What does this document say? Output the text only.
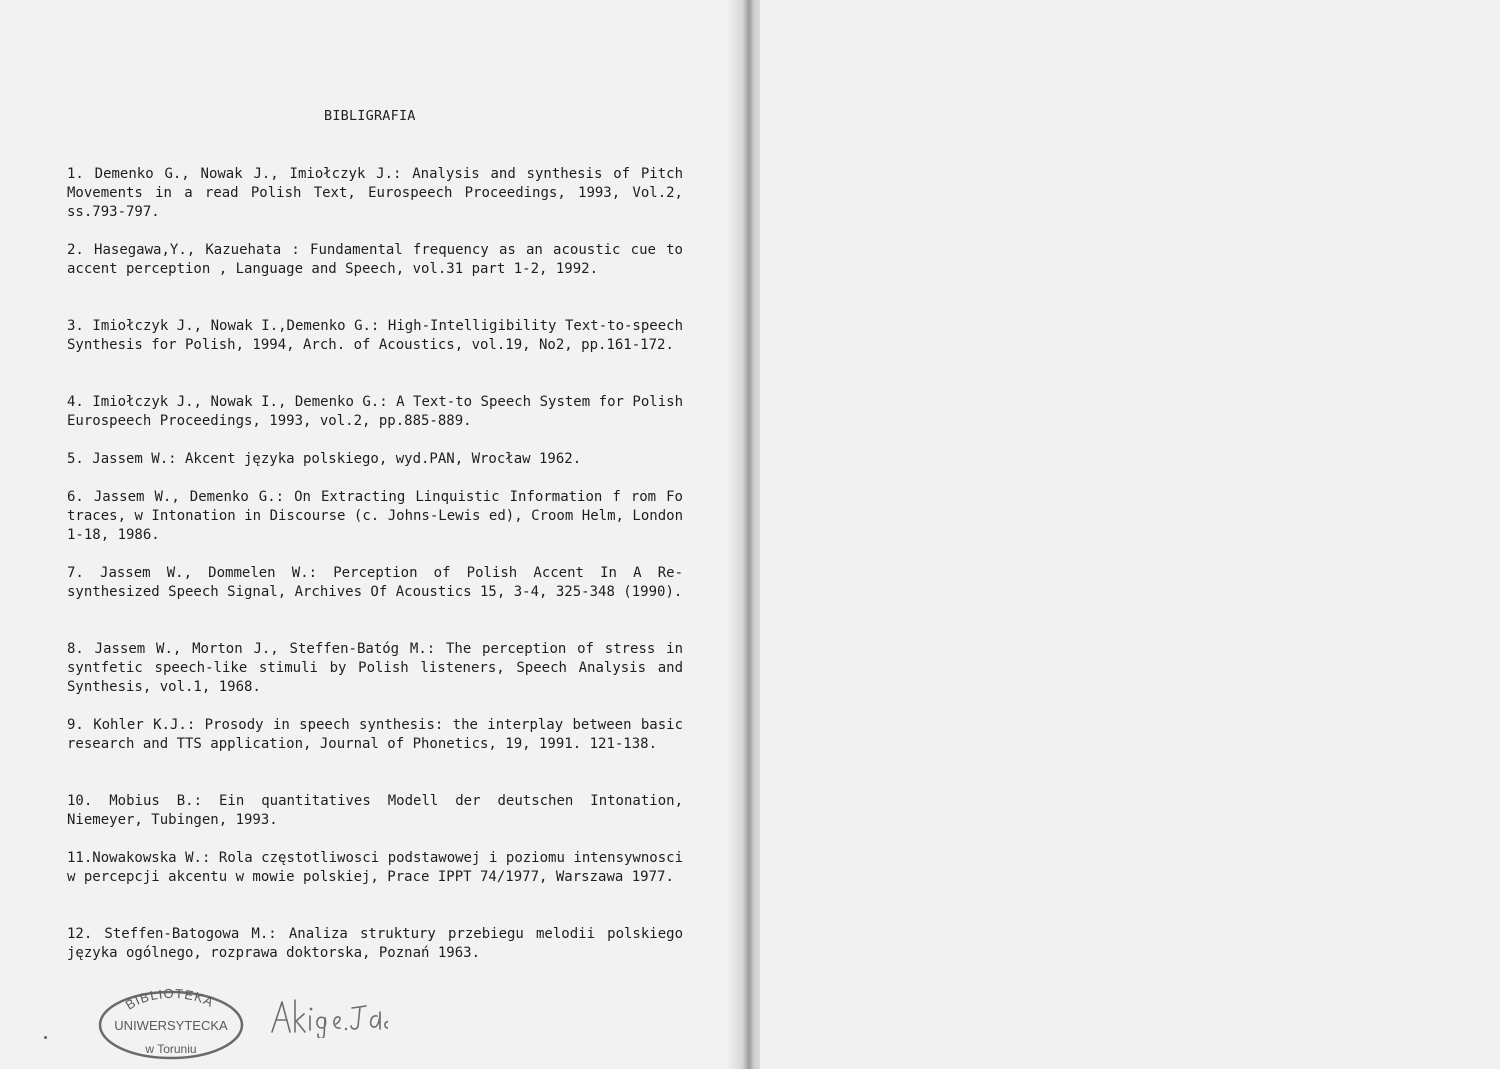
BIBLIGRAFIA

1. Demenko G., Nowak J., Imiołczyk J.: Analysis and synthesis of Pitch Movements in a read Polish Text, Eurospeech Proceedings, 1993, Vol.2, ss.793-797.

2. Hasegawa,Y., Kazuehata : Fundamental frequency as an acoustic cue to accent perception , Language and Speech, vol.31 part 1-2, 1992.

3. Imiołczyk J., Nowak I.,Demenko G.: High-Intelligibility Text-to-speech Synthesis for Polish, 1994, Arch. of Acoustics, vol.19, No2, pp.161-172.

4. Imiołczyk J., Nowak I., Demenko G.: A Text-to Speech System for Polish Eurospeech Proceedings, 1993, vol.2, pp.885-889.

5. Jassem W.: Akcent języka polskiego, wyd.PAN, Wrocław 1962.

6. Jassem W., Demenko G.: On Extracting Linquistic Information f rom Fo traces, w Intonation in Discourse (c. Johns-Lewis ed), Croom Helm, London 1-18, 1986.

7. Jassem W., Dommelen W.: Perception of Polish Accent In A Re-synthesized Speech Signal, Archives Of Acoustics 15, 3-4, 325-348 (1990).

8. Jassem W., Morton J., Steffen-Batóg M.: The perception of stress in syntfetic speech-like stimuli by Polish listeners, Speech Analysis and Synthesis, vol.1, 1968.

9. Kohler K.J.: Prosody in speech synthesis: the interplay between basic research and TTS application, Journal of Phonetics, 19, 1991. 121-138.

10. Mobius B.: Ein quantitatives Modell der deutschen Intonation, Niemeyer, Tubingen, 1993.

11.Nowakowska W.: Rola częstotliwosci podstawowej i poziomu intensywnosci w percepcji akcentu w mowie polskiej, Prace IPPT 74/1977, Warszawa 1977.

12. Steffen-Batogowa M.: Analiza struktury przebiegu melodii polskiego języka ogólnego, rozprawa doktorska, Poznań 1963.

BIBLIOTEKA
UNIWERSYTECKA
w Toruniu
